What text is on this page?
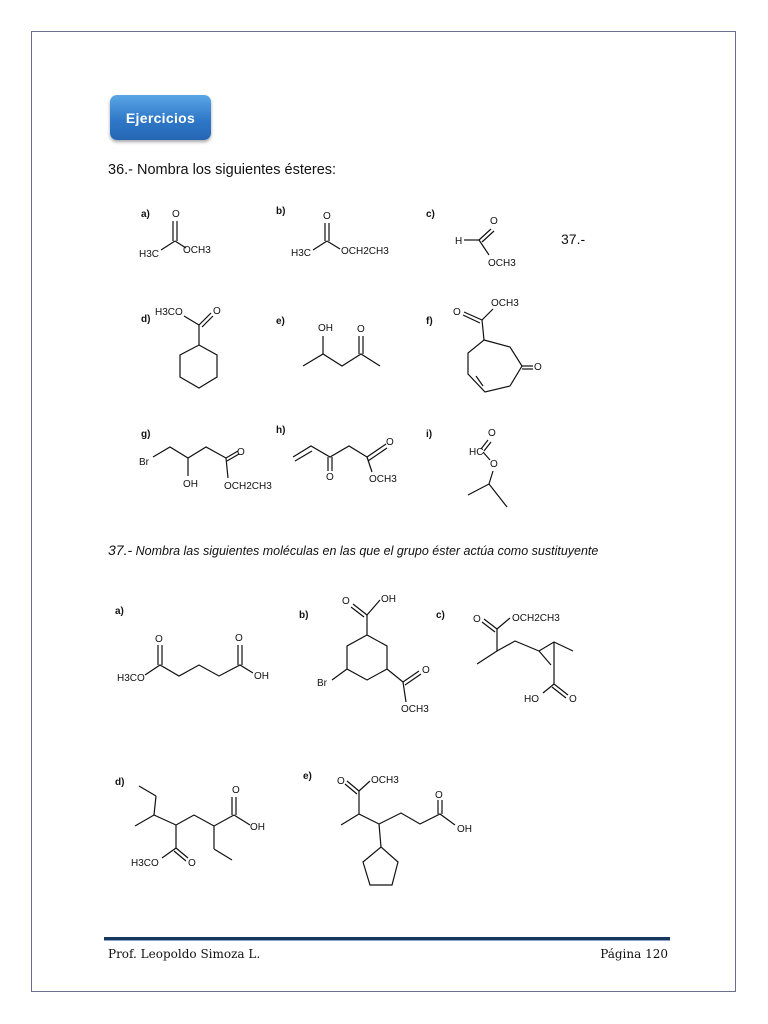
Ejercicios
36.- Nombra los siguientes ésteres:
37.-
37.- Nombra las siguientes moléculas en las que el grupo éster actúa como sustituyente
a) O
H3C OCH3
b)	O
H3C	OCH2CH3
c)
H
O
OCH3
d)
H3CO	O
e)
OH O
f)
OCH3
O
O
g)
Br
OH
O
OCH2CH3
h)
O
O
OCH3
i)	O
HC
O
a)
O	O
H3CO	OH
b)
O	OH
Br
O
OCH3
c)	O	OCH2CH3
HO	O
d)
O
OH
H3CO	O
e)	O	OCH3
O
OH
Prof. Leopoldo Simoza L.	Página 120
